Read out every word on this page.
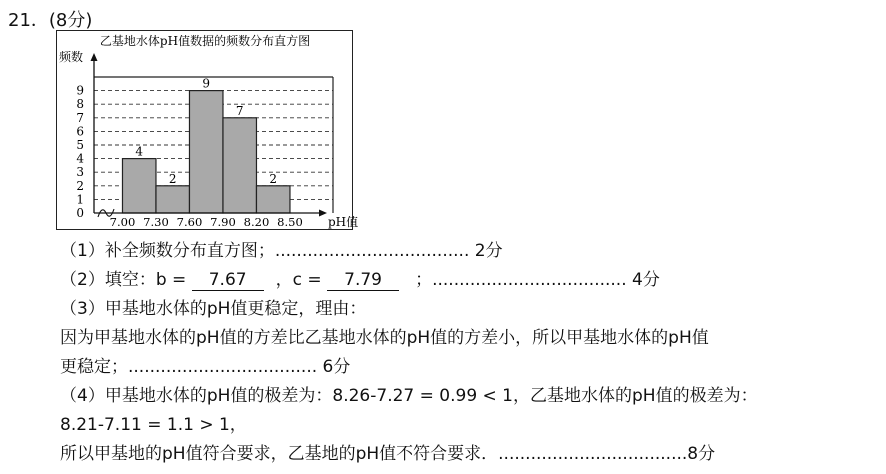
21．(8分)
乙基地水体pH值数据的频数分布直方图
频数
4
2
9
7
2
0
1
2
3
4
5
6
7
8
9
7.00 7.30 7.60 7.90 8.20 8.50 pH值
（1）补全频数分布直方图；.................................... 2分
（2）填空：b = 7.67 ，c = 7.79 ；.................................... 4分
（3）甲基地水体的pH值更稳定，理由：
因为甲基地水体的pH值的方差比乙基地水体的pH值的方差小，所以甲基地水体的pH值
更稳定；................................... 6分
（4）甲基地水体的pH值的极差为：8.26-7.27 = 0.99 < 1，乙基地水体的pH值的极差为：
8.21-7.11 = 1.1 > 1，
所以甲基地的pH值符合要求，乙基地的pH值不符合要求．...................................8分
